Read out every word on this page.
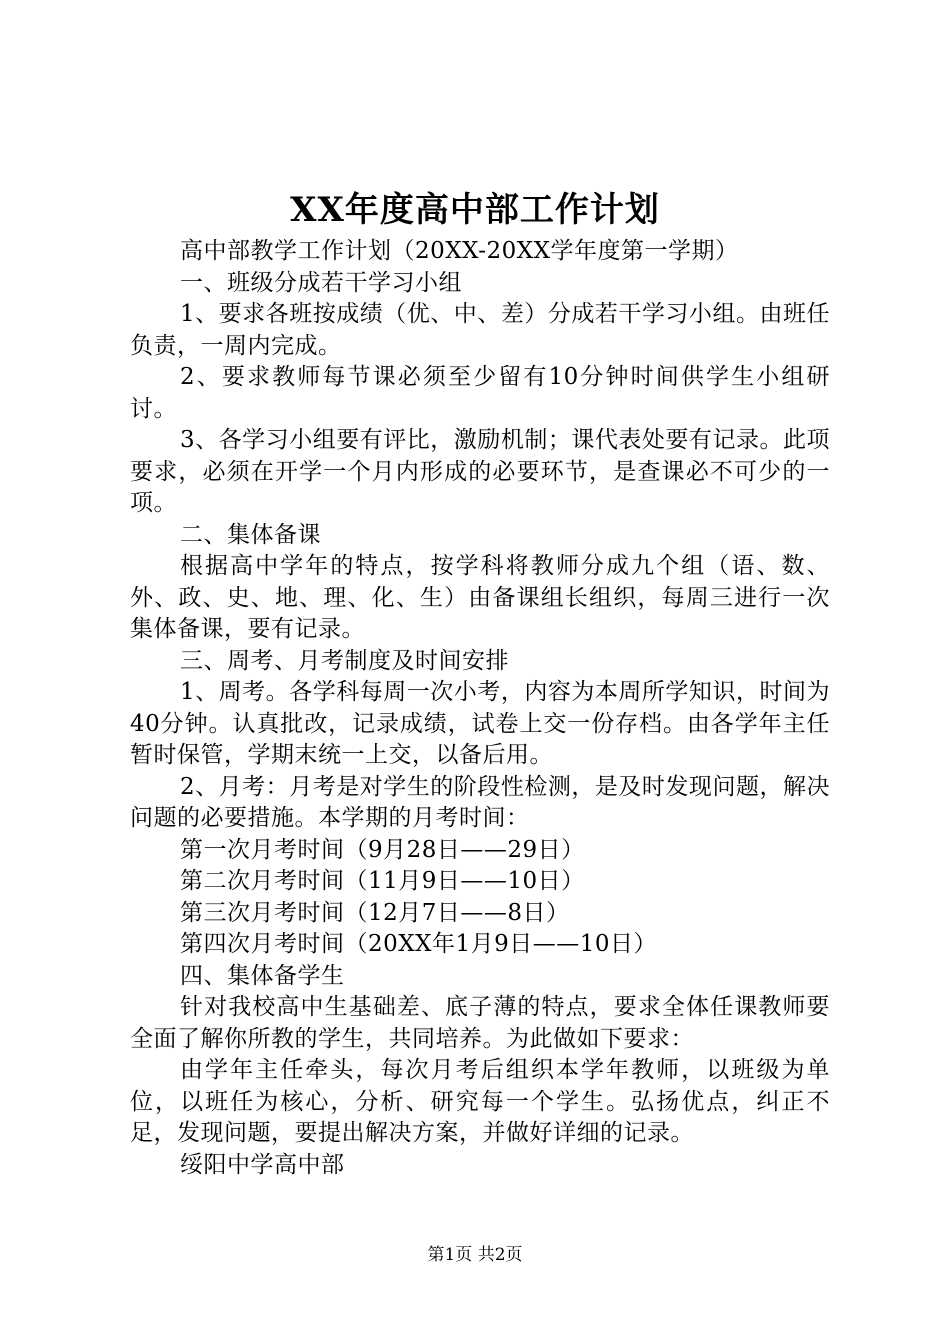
XX年度高中部工作计划

高中部教学工作计划（20XX-20XX学年度第一学期）

一、班级分成若干学习小组

1、要求各班按成绩（优、中、差）分成若干学习小组。由班任负责，一周内完成。

2、要求教师每节课必须至少留有10分钟时间供学生小组研讨。

3、各学习小组要有评比，激励机制；课代表处要有记录。此项要求，必须在开学一个月内形成的必要环节，是查课必不可少的一项。

二、集体备课

根据高中学年的特点，按学科将教师分成九个组（语、数、外、政、史、地、理、化、生）由备课组长组织，每周三进行一次集体备课，要有记录。

三、周考、月考制度及时间安排

1、周考。各学科每周一次小考，内容为本周所学知识，时间为40分钟。认真批改，记录成绩，试卷上交一份存档。由各学年主任暂时保管，学期末统一上交，以备后用。

2、月考：月考是对学生的阶段性检测，是及时发现问题，解决问题的必要措施。本学期的月考时间：

第一次月考时间（9月28日——29日）

第二次月考时间（11月9日——10日）

第三次月考时间（12月7日——8日）

第四次月考时间（20XX年1月9日——10日）

四、集体备学生

针对我校高中生基础差、底子薄的特点，要求全体任课教师要全面了解你所教的学生，共同培养。为此做如下要求：

由学年主任牵头，每次月考后组织本学年教师，以班级为单位，以班任为核心，分析、研究每一个学生。弘扬优点，纠正不足，发现问题，要提出解决方案，并做好详细的记录。

绥阳中学高中部

第1页 共2页
